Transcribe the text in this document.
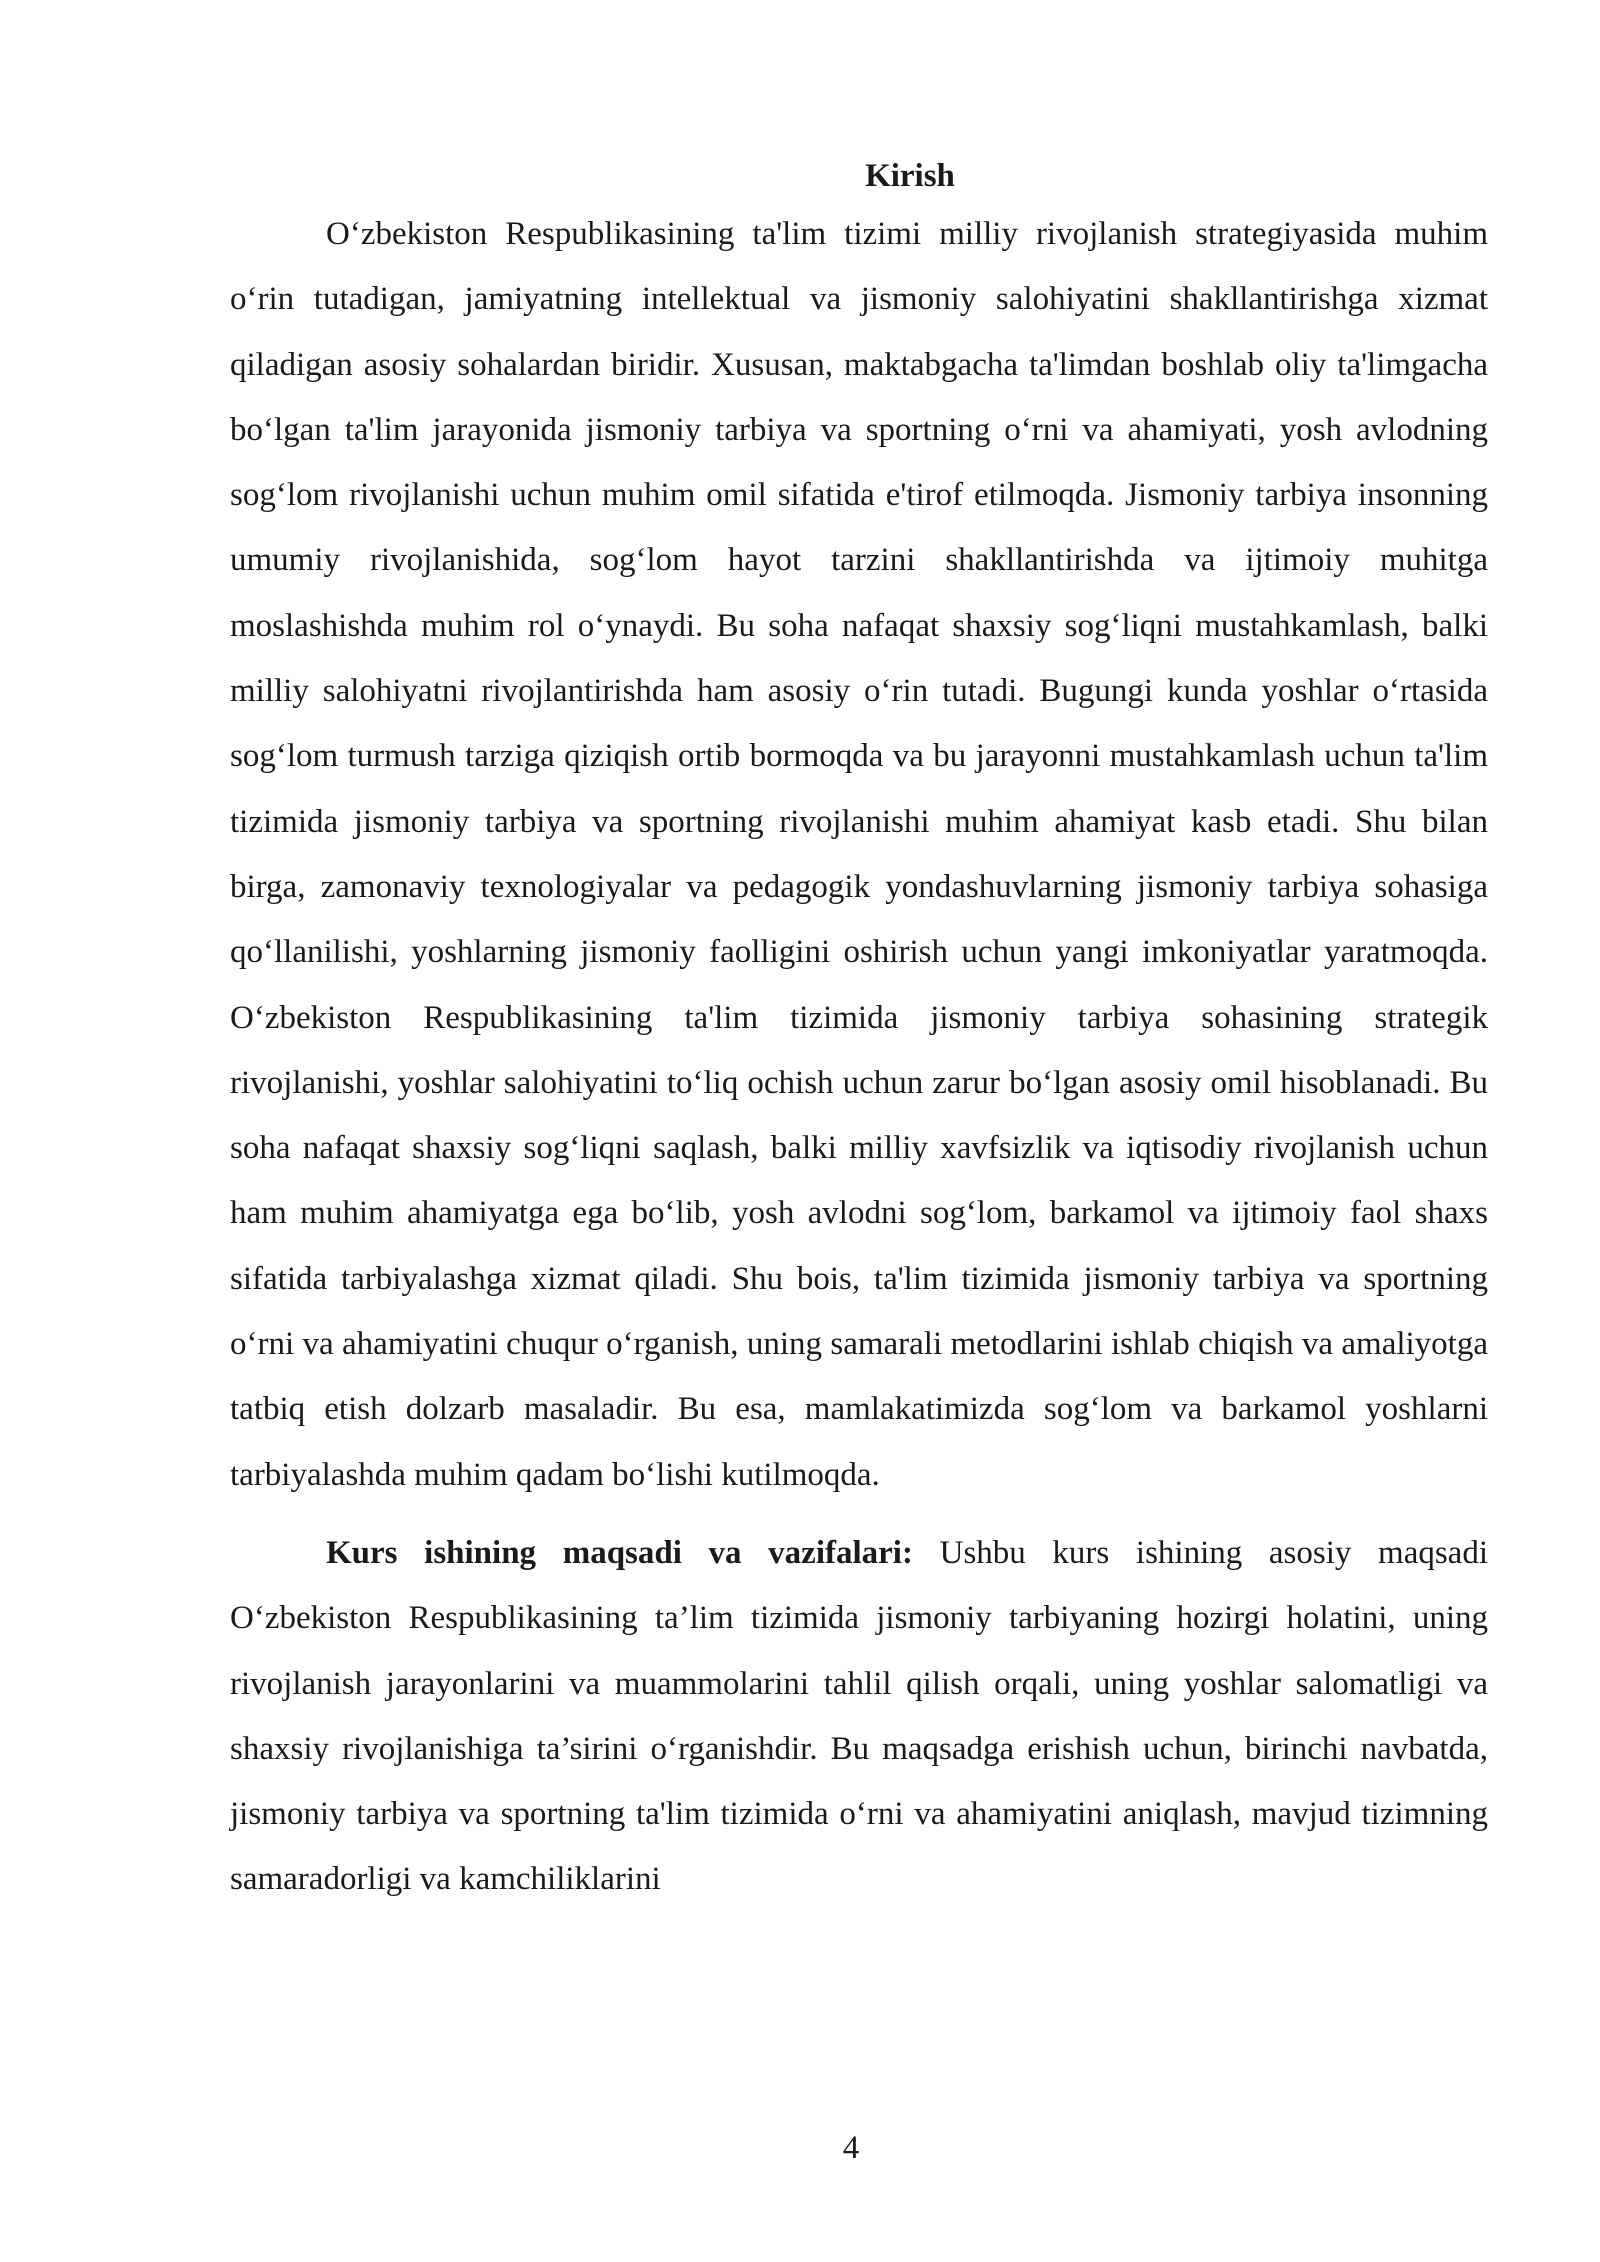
Kirish

O‘zbekiston Respublikasining ta'lim tizimi milliy rivojlanish strategiyasida muhim o‘rin tutadigan, jamiyatning intellektual va jismoniy salohiyatini shakllantirishga xizmat qiladigan asosiy sohalardan biridir. Xususan, maktabgacha ta'limdan boshlab oliy ta'limgacha bo‘lgan ta'lim jarayonida jismoniy tarbiya va sportning o‘rni va ahamiyati, yosh avlodning sog‘lom rivojlanishi uchun muhim omil sifatida e'tirof etilmoqda. Jismoniy tarbiya insonning umumiy rivojlanishida, sog‘lom hayot tarzini shakllantirishda va ijtimoiy muhitga moslashishda muhim rol o‘ynaydi. Bu soha nafaqat shaxsiy sog‘liqni mustahkamlash, balki milliy salohiyatni rivojlantirishda ham asosiy o‘rin tutadi. Bugungi kunda yoshlar o‘rtasida sog‘lom turmush tarziga qiziqish ortib bormoqda va bu jarayonni mustahkamlash uchun ta'lim tizimida jismoniy tarbiya va sportning rivojlanishi muhim ahamiyat kasb etadi. Shu bilan birga, zamonaviy texnologiyalar va pedagogik yondashuvlarning jismoniy tarbiya sohasiga qo‘llanilishi, yoshlarning jismoniy faolligini oshirish uchun yangi imkoniyatlar yaratmoqda. O‘zbekiston Respublikasining ta'lim tizimida jismoniy tarbiya sohasining strategik rivojlanishi, yoshlar salohiyatini to‘liq ochish uchun zarur bo‘lgan asosiy omil hisoblanadi. Bu soha nafaqat shaxsiy sog‘liqni saqlash, balki milliy xavfsizlik va iqtisodiy rivojlanish uchun ham muhim ahamiyatga ega bo‘lib, yosh avlodni sog‘lom, barkamol va ijtimoiy faol shaxs sifatida tarbiyalashga xizmat qiladi. Shu bois, ta'lim tizimida jismoniy tarbiya va sportning o‘rni va ahamiyatini chuqur o‘rganish, uning samarali metodlarini ishlab chiqish va amaliyotga tatbiq etish dolzarb masaladir. Bu esa, mamlakatimizda sog‘lom va barkamol yoshlarni tarbiyalashda muhim qadam bo‘lishi kutilmoqda.

Kurs ishining maqsadi va vazifalari: Ushbu kurs ishining asosiy maqsadi O‘zbekiston Respublikasining ta’lim tizimida jismoniy tarbiyaning hozirgi holatini, uning rivojlanish jarayonlarini va muammolarini tahlil qilish orqali, uning yoshlar salomatligi va shaxsiy rivojlanishiga ta’sirini o‘rganishdir. Bu maqsadga erishish uchun, birinchi navbatda, jismoniy tarbiya va sportning ta'lim tizimida o‘rni va ahamiyatini aniqlash, mavjud tizimning samaradorligi va kamchiliklarini

4
